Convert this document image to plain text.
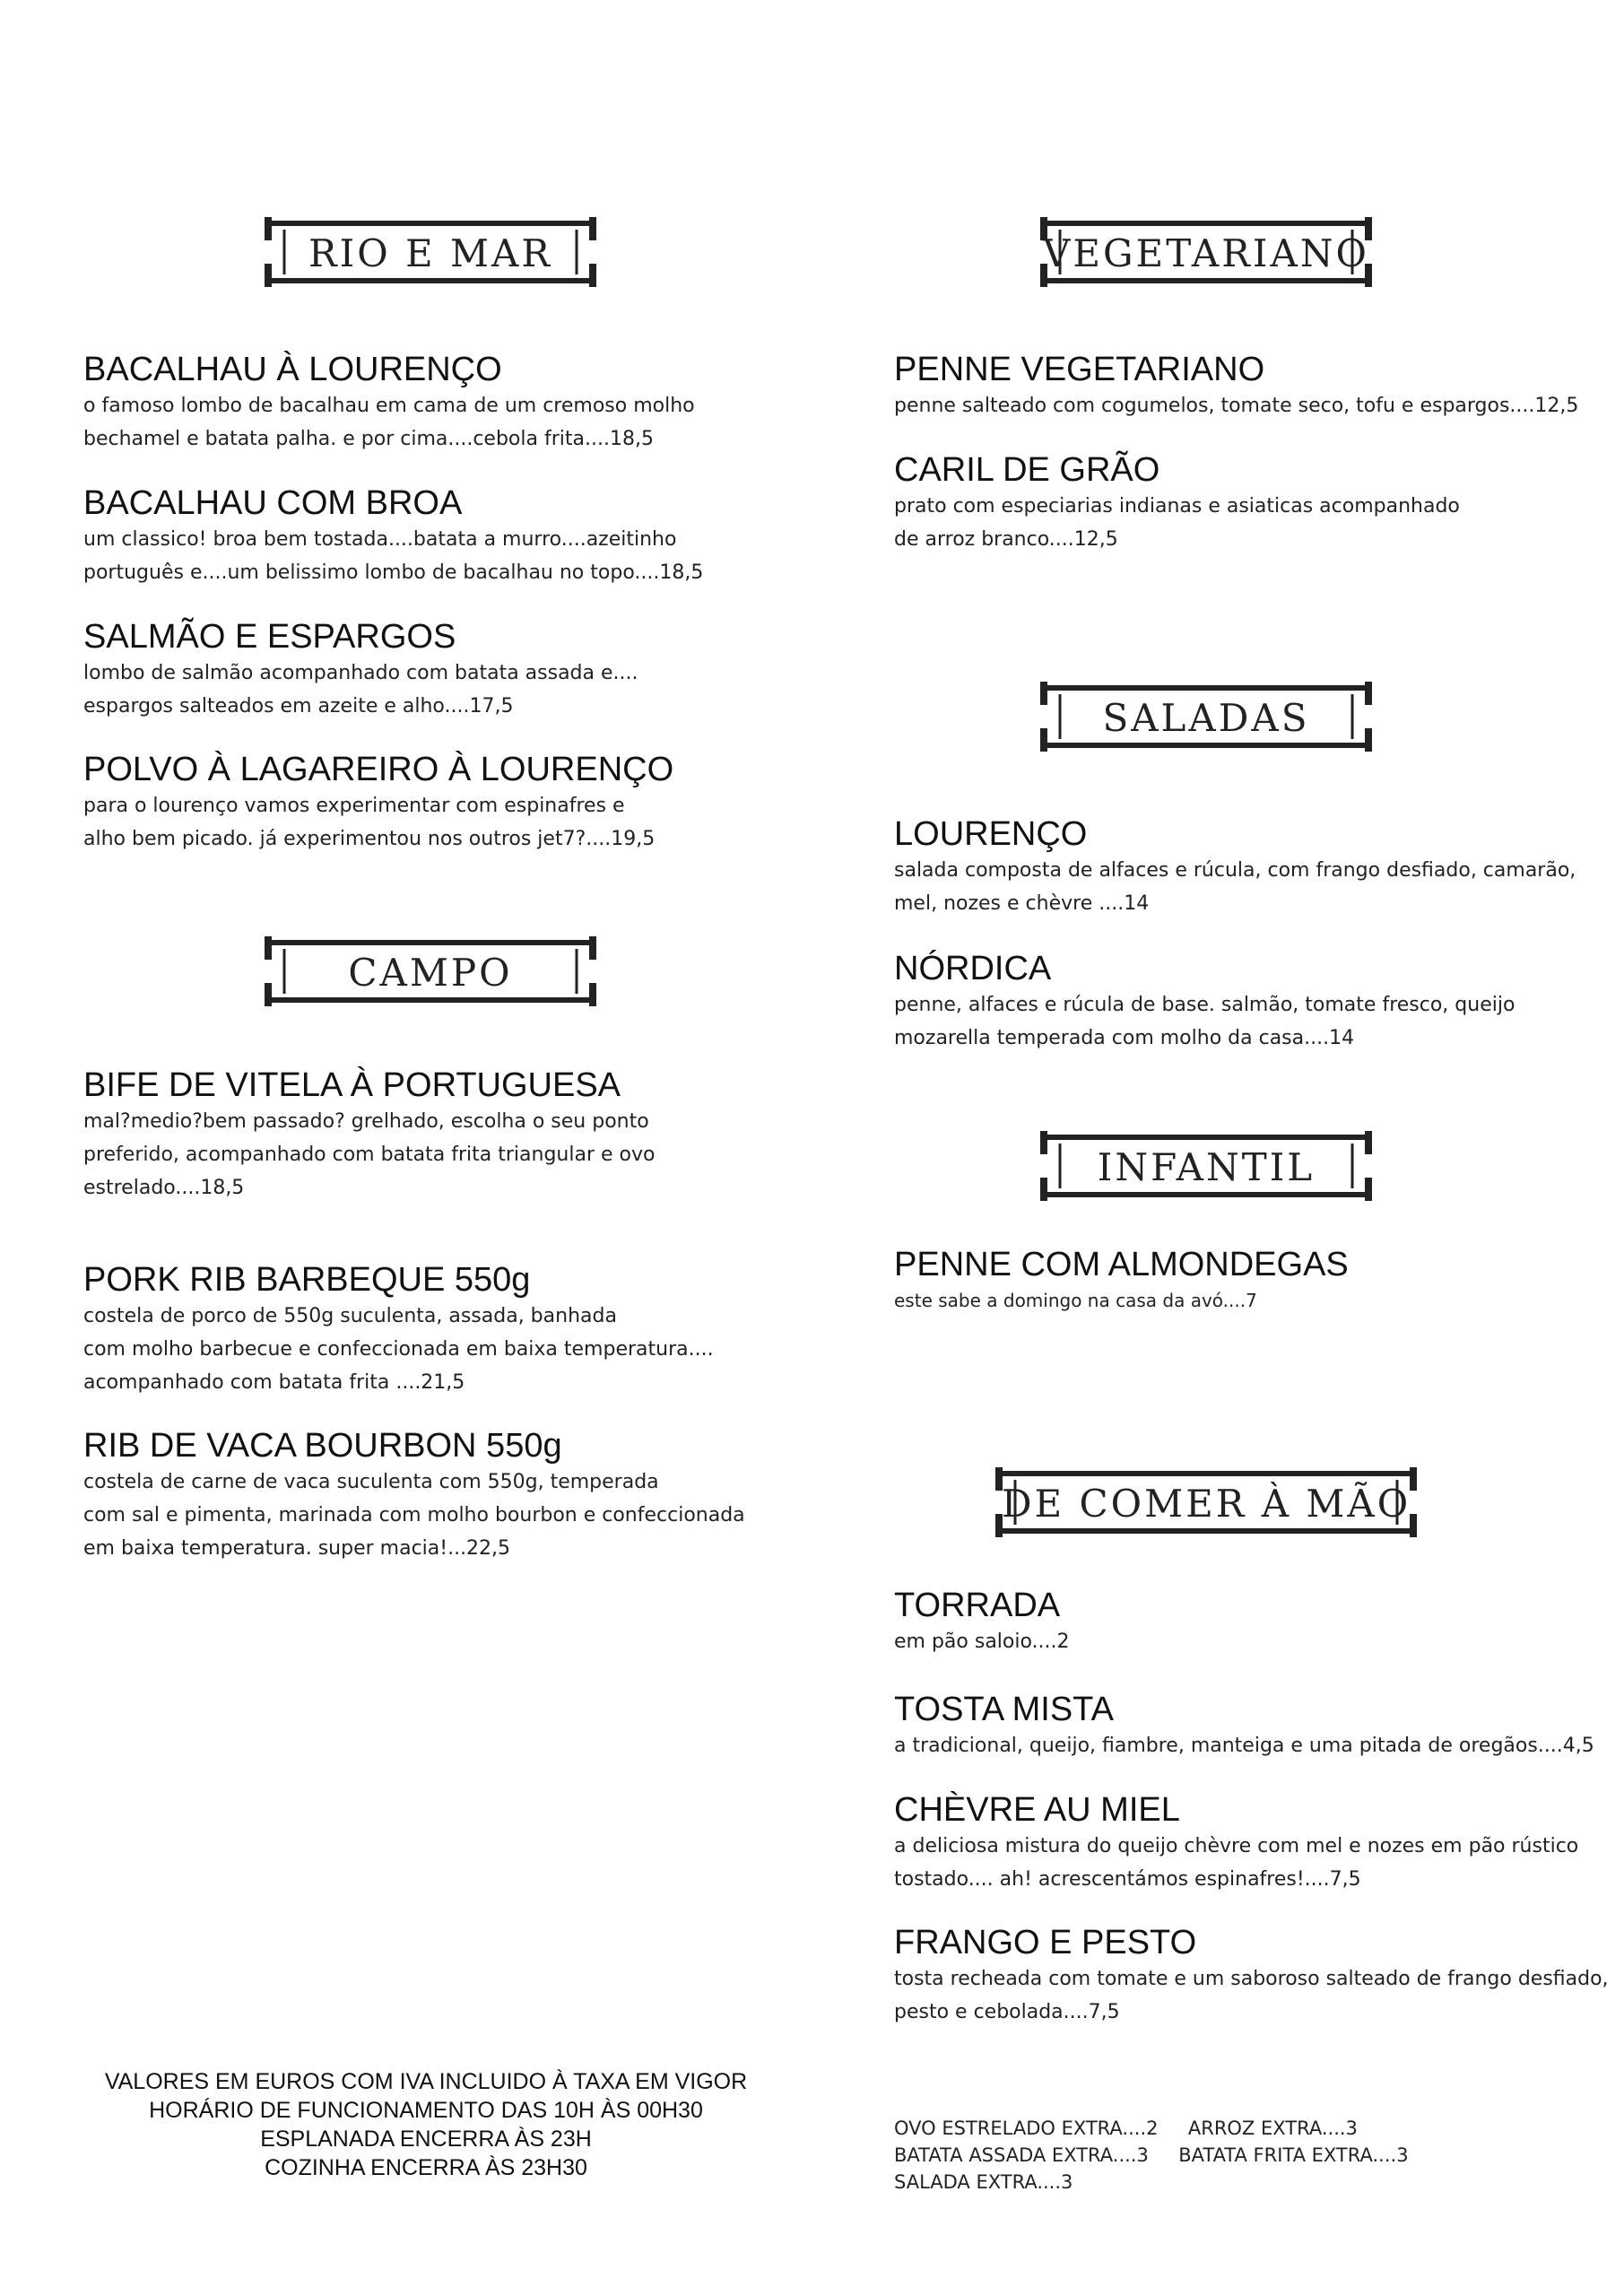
RIO E MAR
BACALHAU À LOURENÇO
o famoso lombo de bacalhau em cama de um cremoso molho
bechamel e batata palha. e por cima....cebola frita....18,5
BACALHAU COM BROA
um classico! broa bem tostada....batata a murro....azeitinho
português e....um belissimo lombo de bacalhau no topo....18,5
SALMÃO E ESPARGOS
lombo de salmão acompanhado com batata assada e....
espargos salteados em azeite e alho....17,5
POLVO À LAGAREIRO À LOURENÇO
para o lourenço vamos experimentar com espinafres e
alho bem picado. já experimentou nos outros jet7?....19,5
CAMPO
BIFE DE VITELA À PORTUGUESA
mal?medio?bem passado? grelhado, escolha o seu ponto
preferido, acompanhado com batata frita triangular e ovo
estrelado....18,5
PORK RIB BARBEQUE 550g
costela de porco de 550g suculenta, assada, banhada
com molho barbecue e confeccionada em baixa temperatura....
acompanhado com batata frita ....21,5
RIB DE VACA BOURBON 550g
costela de carne de vaca suculenta com 550g, temperada
com sal e pimenta, marinada com molho bourbon e confeccionada
em baixa temperatura. super macia!...22,5
VALORES EM EUROS COM IVA INCLUIDO À TAXA EM VIGOR
HORÁRIO DE FUNCIONAMENTO DAS 10H ÀS 00H30
ESPLANADA ENCERRA ÀS 23H
COZINHA ENCERRA ÀS 23H30
VEGETARIANO
PENNE VEGETARIANO
penne salteado com cogumelos, tomate seco, tofu e espargos....12,5
CARIL DE GRÃO
prato com especiarias indianas e asiaticas acompanhado
de arroz branco....12,5
SALADAS
LOURENÇO
salada composta de alfaces e rúcula, com frango desfiado, camarão,
mel, nozes e chèvre ....14
NÓRDICA
penne, alfaces e rúcula de base. salmão, tomate fresco, queijo
mozarella temperada com molho da casa....14
INFANTIL
PENNE COM ALMONDEGAS
este sabe a domingo na casa da avó....7
DE COMER À MÃO
TORRADA
em pão saloio....2
TOSTA MISTA
a tradicional, queijo, fiambre, manteiga e uma pitada de oregãos....4,5
CHÈVRE AU MIEL
a deliciosa mistura do queijo chèvre com mel e nozes em pão rústico
tostado.... ah! acrescentámos espinafres!....7,5
FRANGO E PESTO
tosta recheada com tomate e um saboroso salteado de frango desfiado,
pesto e cebolada....7,5
OVO ESTRELADO EXTRA....2     ARROZ EXTRA....3
BATATA ASSADA EXTRA....3     BATATA FRITA EXTRA....3
SALADA EXTRA....3
